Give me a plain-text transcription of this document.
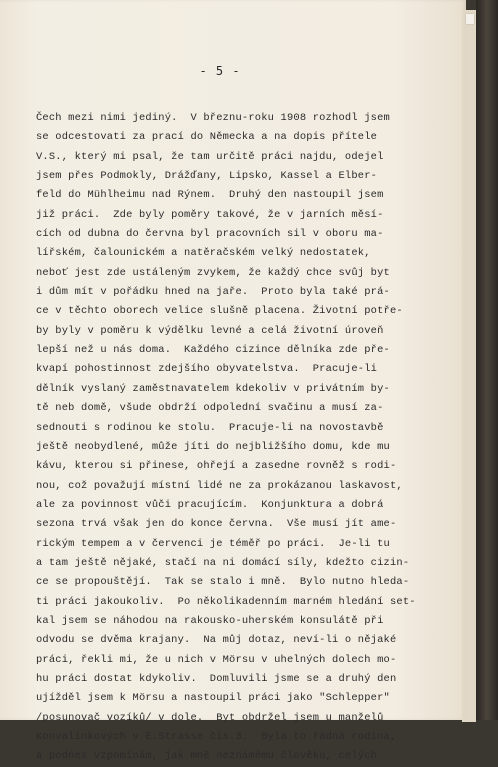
- 5 -
Čech mezi nimi jediný.  V březnu-roku 1908 rozhodl jsem
se odcestovati za prací do Německa a na dopis přítele
V.S., který mi psal, že tam určitě práci najdu, odejel
jsem přes Podmokly, Drážďany, Lipsko, Kassel a Elber-
feld do Mühlheimu nad Rýnem.  Druhý den nastoupil jsem
již práci.  Zde byly poměry takové, že v jarních měsí-
cích od dubna do června byl pracovních sil v oboru ma-
lířském, čalounickém a natěračském velký nedostatek,
neboť jest zde ustáleným zvykem, že každý chce svůj byt
i dům mít v pořádku hned na jaře.  Proto byla také prá-
ce v těchto oborech velice slušně placena. Životní potře-
by byly v poměru k výdělku levné a celá životní úroveň
lepší než u nás doma.  Každého cizince dělníka zde pře-
kvapí pohostinnost zdejšího obyvatelstva.  Pracuje-li
dělník vyslaný zaměstnavatelem kdekoliv v privátním by-
tě neb domě, všude obdrží odpolední svačinu a musí za-
sednouti s rodinou ke stolu.  Pracuje-li na novostavbě
ještě neobydlené, může jíti do nejbližšího domu, kde mu
kávu, kterou si přinese, ohřejí a zasedne rovněž s rodi-
nou, což považují místní lidé ne za prokázanou laskavost,
ale za povinnost vůči pracujícím.  Konjunktura a dobrá
sezona trvá však jen do konce června.  Vše musí jít ame-
rickým tempem a v červenci je téměř po práci.  Je-li tu
a tam ještě nějaké, stačí na ni domácí síly, kdežto cizin-
ce se propouštějí.  Tak se stalo i mně.  Bylo nutno hleda-
ti práci jakoukoliv.  Po několikadenním marném hledání set-
kal jsem se náhodou na rakousko-uherském konsulátě při
odvodu se dvěma krajany.  Na můj dotaz, neví-li o nějaké
práci, řekli mi, že u nich v Mörsu v uhelných dolech mo-
hu práci dostat kdykoliv.  Domluvili jsme se a druhý den
ujížděl jsem k Mörsu a nastoupil práci jako "Schlepper"
/posunovač vozíků/ v dole.  Byt obdržel jsem u manželů
Konvalinkových v E.Strasse čís.3.  Byla to řádná rodina,
a podnes vzpomínám, jak mně neznámému člověku, celých
